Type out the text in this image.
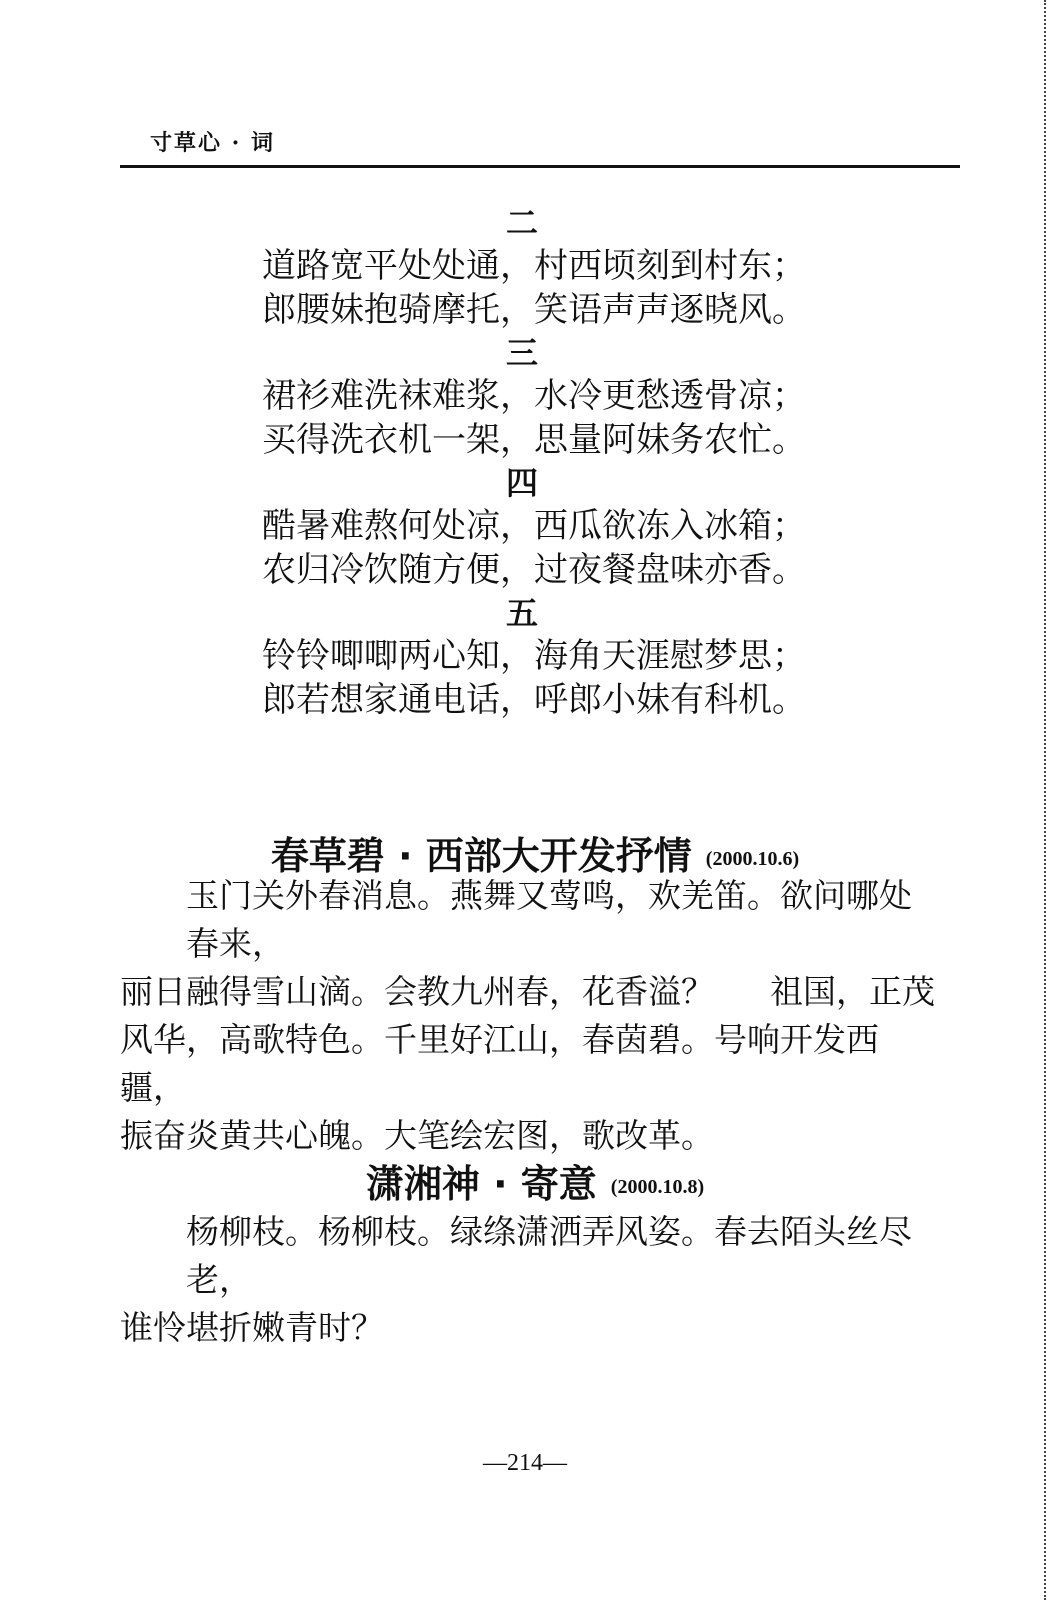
寸草心 · 词
二
道路宽平处处通，村西顷刻到村东；
郎腰妹抱骑摩托，笑语声声逐晓风。
三
裙衫难洗袜难浆，水冷更愁透骨凉；
买得洗衣机一架，思量阿妹务农忙。
四
酷暑难熬何处凉，西瓜欲冻入冰箱；
农归冷饮随方便，过夜餐盘味亦香。
五
铃铃唧唧两心知，海角天涯慰梦思；
郎若想家通电话，呼郎小妹有科机。
春草碧 · 西部大开发抒情 (2000.10.6)

玉门关外春消息。燕舞又莺鸣，欢羌笛。欲问哪处春来，

丽日融得雪山滴。会教九州春，花香溢？ 祖国，正茂

风华，高歌特色。千里好江山，春茵碧。号响开发西疆，

振奋炎黄共心魄。大笔绘宏图，歌改革。

潇湘神 · 寄意 (2000.10.8)

杨柳枝。杨柳枝。绿绦潇洒弄风姿。春去陌头丝尽老，

谁怜堪折嫩青时？

—214—
